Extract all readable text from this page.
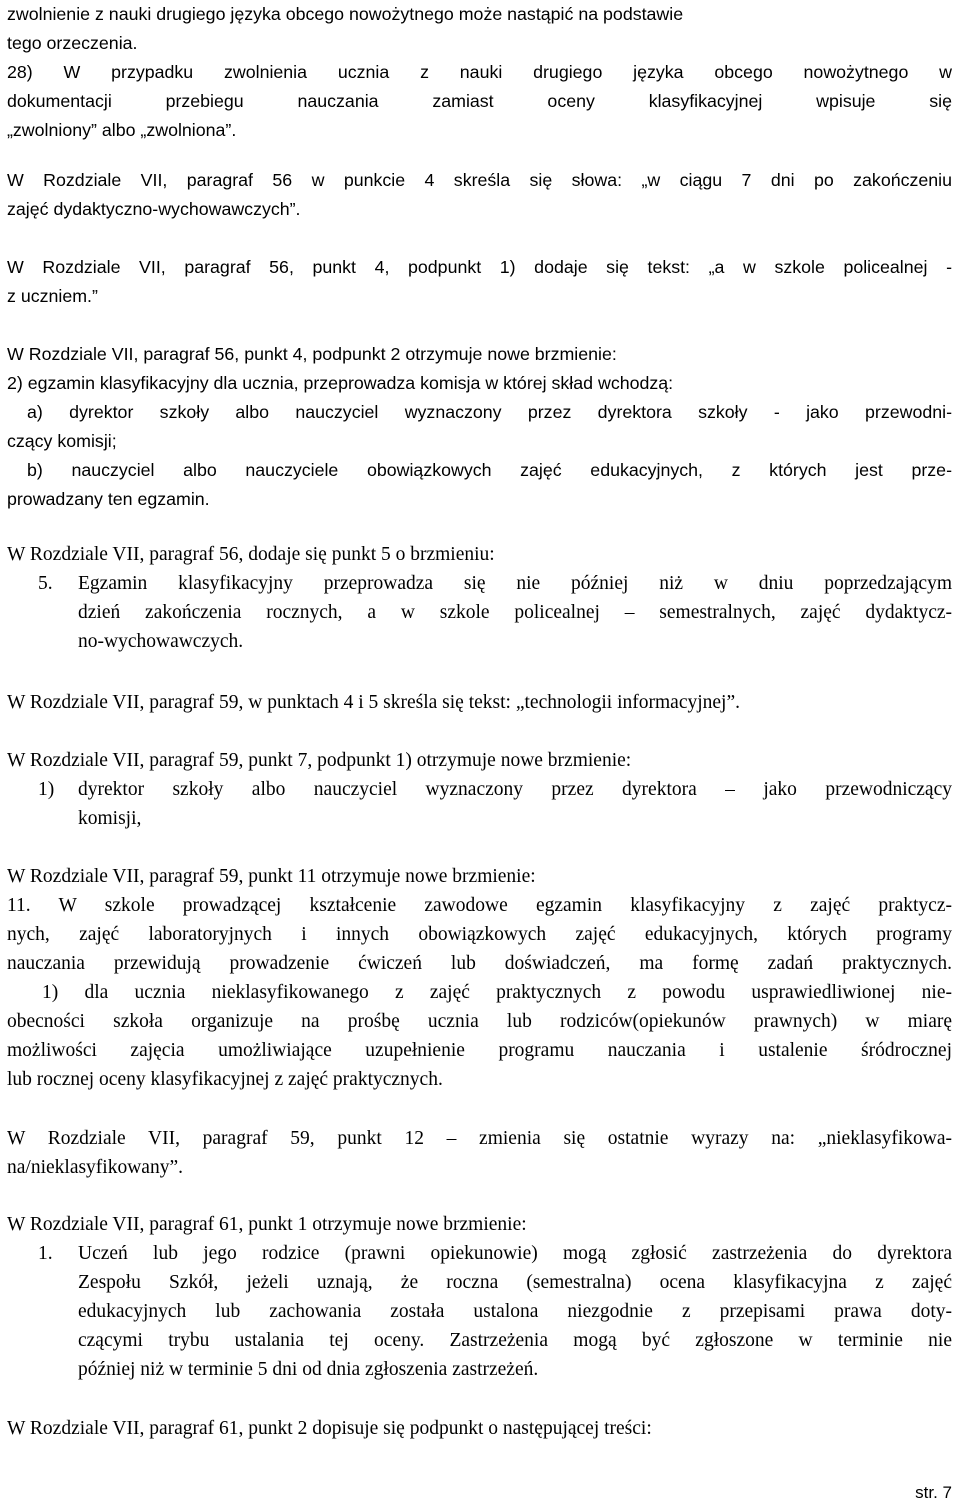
zwolnienie z nauki drugiego języka obcego nowożytnego może nastąpić na podstawie
tego orzeczenia.
28) W przypadku zwolnienia ucznia z nauki drugiego języka obcego nowożytnego w
dokumentacji przebiegu nauczania zamiast oceny klasyfikacyjnej wpisuje się
„zwolniony” albo „zwolniona”.
W Rozdziale VII, paragraf 56 w punkcie 4 skreśla się słowa: „w ciągu 7 dni po zakończeniu
zajęć dydaktyczno-wychowawczych”.
W Rozdziale VII, paragraf 56, punkt 4, podpunkt 1) dodaje się tekst: „a w szkole policealnej -
z uczniem.”
W Rozdziale VII, paragraf 56, punkt 4, podpunkt 2 otrzymuje nowe brzmienie:
2) egzamin klasyfikacyjny dla ucznia, przeprowadza komisja w której skład wchodzą:
a) dyrektor szkoły albo nauczyciel wyznaczony przez dyrektora szkoły - jako przewodni-
czący komisji;
b) nauczyciel albo nauczyciele obowiązkowych zajęć edukacyjnych, z których jest prze-
prowadzany ten egzamin.
W Rozdziale VII, paragraf 56, dodaje się punkt 5 o brzmieniu:
5. Egzamin klasyfikacyjny przeprowadza się nie później niż w dniu poprzedzającym
dzień zakończenia rocznych, a w szkole policealnej – semestralnych, zajęć dydaktycz-
no-wychowawczych.
W Rozdziale VII, paragraf 59, w punktach 4 i 5 skreśla się tekst: „technologii informacyjnej”.
W Rozdziale VII, paragraf 59, punkt 7, podpunkt 1) otrzymuje nowe brzmienie:
1) dyrektor szkoły albo nauczyciel wyznaczony przez dyrektora – jako przewodniczący
komisji,
W Rozdziale VII, paragraf 59, punkt 11 otrzymuje nowe brzmienie:
11. W szkole prowadzącej kształcenie zawodowe egzamin klasyfikacyjny z zajęć praktycz-
nych, zajęć laboratoryjnych i innych obowiązkowych zajęć edukacyjnych, których programy
nauczania przewidują prowadzenie ćwiczeń lub doświadczeń, ma formę zadań praktycznych.
1) dla ucznia nieklasyfikowanego z zajęć praktycznych z powodu usprawiedliwionej nie-
obecności szkoła organizuje na prośbę ucznia lub rodziców(opiekunów prawnych) w miarę
możliwości zajęcia umożliwiające uzupełnienie programu nauczania i ustalenie śródrocznej
lub rocznej oceny klasyfikacyjnej z zajęć praktycznych.
W Rozdziale VII, paragraf 59, punkt 12 – zmienia się ostatnie wyrazy na: „nieklasyfikowa-
na/nieklasyfikowany”.
W Rozdziale VII, paragraf 61, punkt 1 otrzymuje nowe brzmienie:
1. Uczeń lub jego rodzice (prawni opiekunowie) mogą zgłosić zastrzeżenia do dyrektora
Zespołu Szkół, jeżeli uznają, że roczna (semestralna) ocena klasyfikacyjna z zajęć
edukacyjnych lub zachowania została ustalona niezgodnie z przepisami prawa doty-
czącymi trybu ustalania tej oceny. Zastrzeżenia mogą być zgłoszone w terminie nie
później niż w terminie 5 dni od dnia zgłoszenia zastrzeżeń.
W Rozdziale VII, paragraf 61, punkt 2 dopisuje się podpunkt o następującej treści:
str. 7
